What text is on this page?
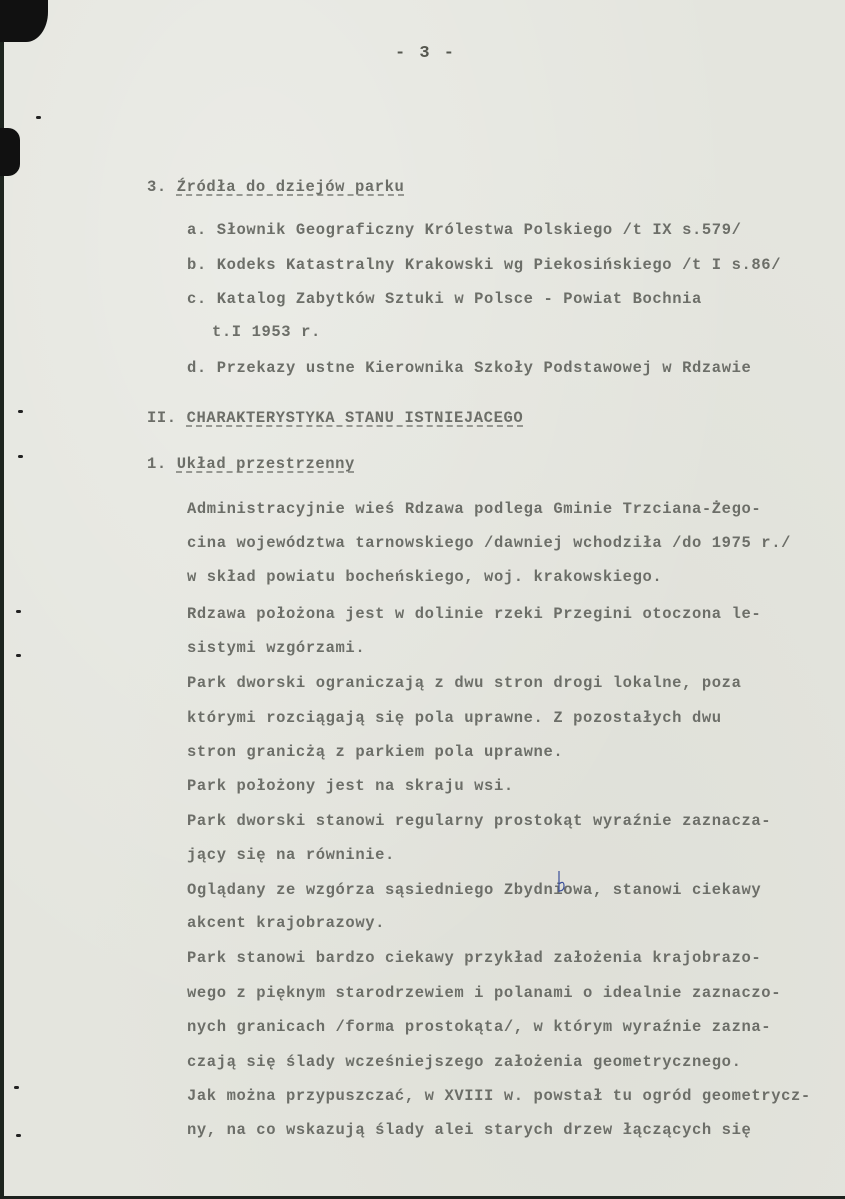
- 3 -
3. Źródła do dziejów parku
a. Słownik Geograficzny Królestwa Polskiego /t IX s.579/
b. Kodeks Katastralny Krakowski wg Piekosińskiego /t I s.86/
c. Katalog Zabytków Sztuki w Polsce - Powiat Bochnia
t.I 1953 r.
d. Przekazy ustne Kierownika Szkoły Podstawowej w Rdzawie
II. CHARAKTERYSTYKA STANU ISTNIEJACEGO
1. Układ przestrzenny
Administracyjnie wieś Rdzawa podlega Gminie Trzciana-Żego-
cina województwa tarnowskiego /dawniej wchodziła /do 1975 r./
w skład powiatu bocheńskiego, woj. krakowskiego.
Rdzawa położona jest w dolinie rzeki Przegini otoczona le-
sistymi wzgórzami.
Park dworski ograniczają z dwu stron drogi lokalne, poza
którymi rozciągają się pola uprawne. Z pozostałych dwu
stron granicżą z parkiem pola uprawne.
Park położony jest na skraju wsi.
Park dworski stanowi regularny prostokąt wyraźnie zaznacza-
jący się na równinie.
Oglądany ze wzgórza sąsiedniego Zbydniowa, stanowi ciekawy
akcent krajobrazowy.
Park stanowi bardzo ciekawy przykład założenia krajobrazo-
wego z pięknym starodrzewiem i polanami o idealnie zaznaczo-
nych granicach /forma prostokąta/, w którym wyraźnie zazna-
czają się ślady wcześniejszego założenia geometrycznego.
Jak można przypuszczać, w XVIII w. powstał tu ogród geometrycz-
ny, na co wskazują ślady alei starych drzew łączących się
